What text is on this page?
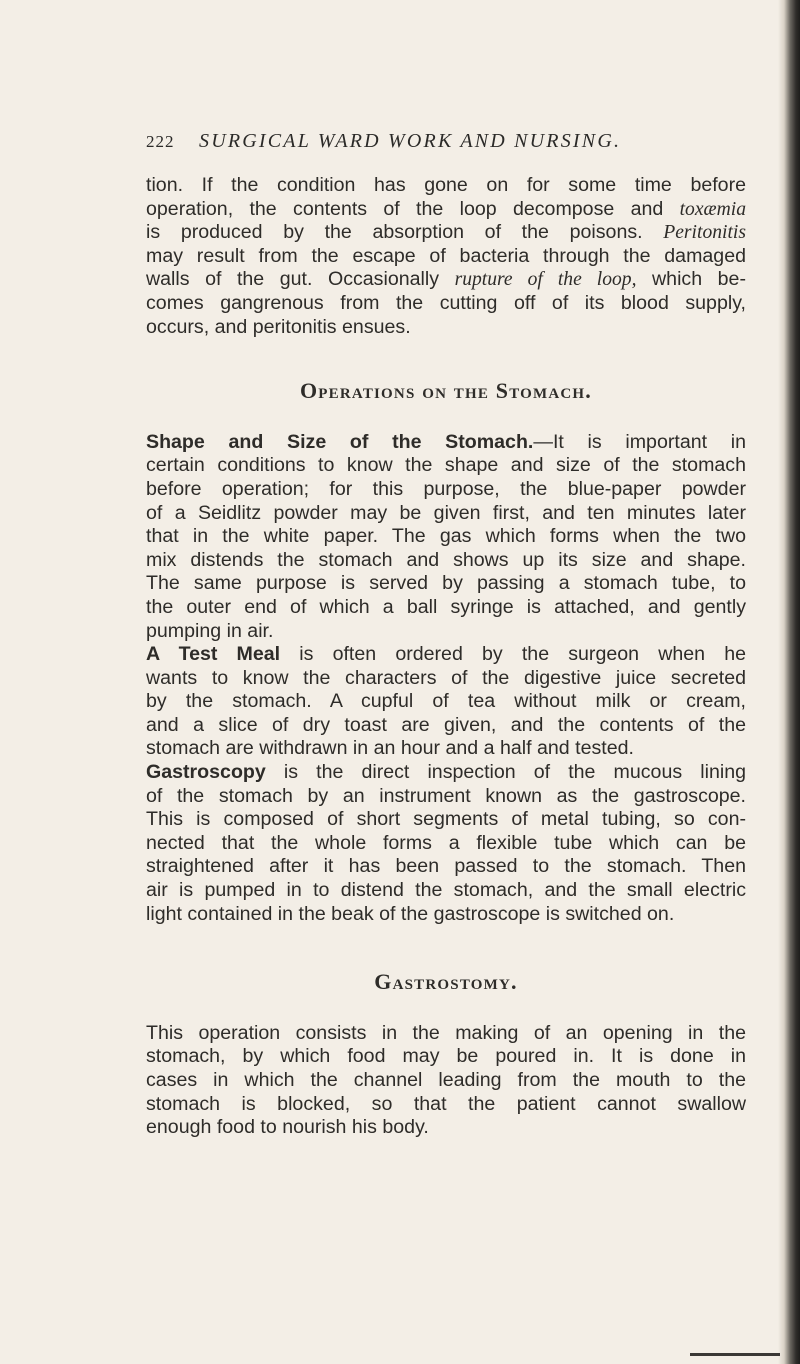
222 SURGICAL WARD WORK AND NURSING.

tion. If the condition has gone on for some time before
operation, the contents of the loop decompose and toxæmia
is produced by the absorption of the poisons. Peritonitis
may result from the escape of bacteria through the damaged
walls of the gut. Occasionally rupture of the loop, which be-
comes gangrenous from the cutting off of its blood supply,
occurs, and peritonitis ensues.

Operations on the Stomach.

Shape and Size of the Stomach.—It is important in
certain conditions to know the shape and size of the stomach
before operation; for this purpose, the blue-paper powder
of a Seidlitz powder may be given first, and ten minutes later
that in the white paper. The gas which forms when the two
mix distends the stomach and shows up its size and shape.
The same purpose is served by passing a stomach tube, to
the outer end of which a ball syringe is attached, and gently
pumping in air.

A Test Meal is often ordered by the surgeon when he
wants to know the characters of the digestive juice secreted
by the stomach. A cupful of tea without milk or cream,
and a slice of dry toast are given, and the contents of the
stomach are withdrawn in an hour and a half and tested.

Gastroscopy is the direct inspection of the mucous lining
of the stomach by an instrument known as the gastroscope.
This is composed of short segments of metal tubing, so con-
nected that the whole forms a flexible tube which can be
straightened after it has been passed to the stomach. Then
air is pumped in to distend the stomach, and the small electric
light contained in the beak of the gastroscope is switched on.

Gastrostomy.

This operation consists in the making of an opening in the
stomach, by which food may be poured in. It is done in
cases in which the channel leading from the mouth to the
stomach is blocked, so that the patient cannot swallow
enough food to nourish his body.
